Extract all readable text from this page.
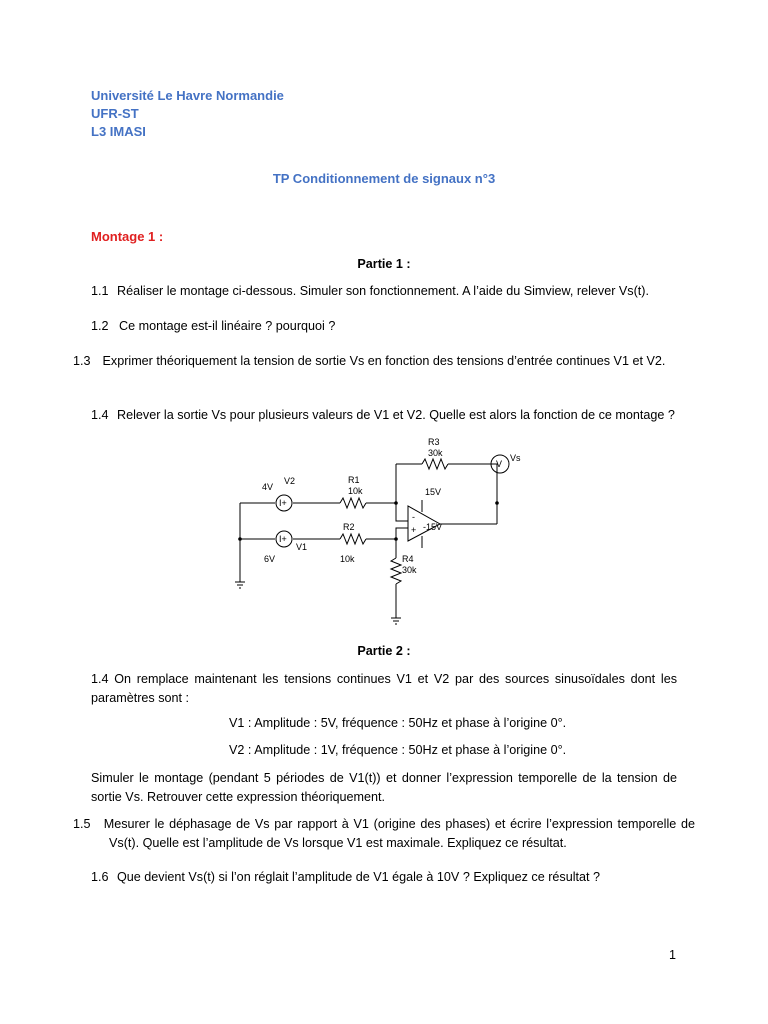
Université Le Havre Normandie
UFR-ST
L3 IMASI
TP Conditionnement de signaux n°3
Montage 1 :
Partie 1 :
1.1 Réaliser le montage ci-dessous. Simuler son fonctionnement. A l’aide du Simview, relever Vs(t).
1.2 Ce montage est-il linéaire ? pourquoi ?
1.3 Exprimer théoriquement la tension de sortie Vs en fonction des tensions d’entrée continues V1 et V2.
1.4 Relever la sortie Vs pour plusieurs valeurs de V1 et V2. Quelle est alors la fonction de ce montage ?
R3
30k	Vs
V
V2
4V
I+
R1
10k	15V
-15V
-
+
R2
10k
V1
6V
I+
R4
30k
Partie 2 :
1.4 On remplace maintenant les tensions continues V1 et V2 par des sources sinusoïdales dont les paramètres sont :
V1 : Amplitude : 5V, fréquence : 50Hz et phase à l’origine 0°.
V2 : Amplitude : 1V, fréquence : 50Hz et phase à l’origine 0°.
Simuler le montage (pendant 5 périodes de V1(t)) et donner l’expression temporelle de la tension de sortie Vs. Retrouver cette expression théoriquement.
1.5 Mesurer le déphasage de Vs par rapport à V1 (origine des phases) et écrire l’expression temporelle de Vs(t). Quelle est l’amplitude de Vs lorsque V1 est maximale. Expliquez ce résultat.
1.6 Que devient Vs(t) si l’on réglait l’amplitude de V1 égale à 10V ? Expliquez ce résultat ?
1
